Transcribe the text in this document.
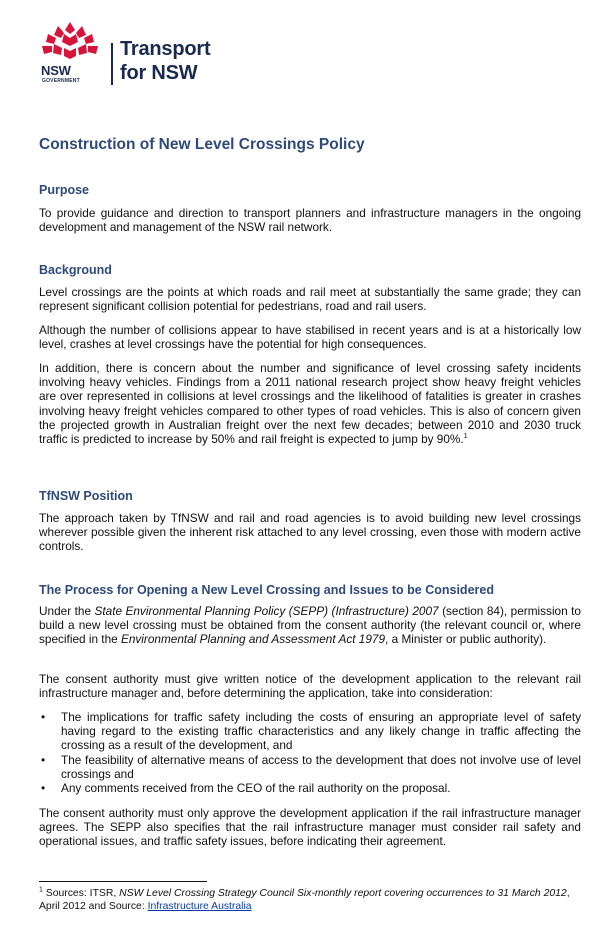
NSW
GOVERNMENT
Transport
for NSW
Construction of New Level Crossings Policy
Purpose
To provide guidance and direction to transport planners and infrastructure managers in the ongoing development and management of the NSW rail network.
Background
Level crossings are the points at which roads and rail meet at substantially the same grade; they can represent significant collision potential for pedestrians, road and rail users.
Although the number of collisions appear to have stabilised in recent years and is at a historically low level, crashes at level crossings have the potential for high consequences.
In addition, there is concern about the number and significance of level crossing safety incidents involving heavy vehicles. Findings from a 2011 national research project show heavy freight vehicles are over represented in collisions at level crossings and the likelihood of fatalities is greater in crashes involving heavy freight vehicles compared to other types of road vehicles. This is also of concern given the projected growth in Australian freight over the next few decades; between 2010 and 2030 truck traffic is predicted to increase by 50% and rail freight is expected to jump by 90%.$^1$
TfNSW Position
The approach taken by TfNSW and rail and road agencies is to avoid building new level crossings wherever possible given the inherent risk attached to any level crossing, even those with modern active controls.
The Process for Opening a New Level Crossing and Issues to be Considered
Under the State Environmental Planning Policy (SEPP) (Infrastructure) 2007 (section 84), permission to build a new level crossing must be obtained from the consent authority (the relevant council or, where specified in the Environmental Planning and Assessment Act 1979, a Minister or public authority).
The consent authority must give written notice of the development application to the relevant rail infrastructure manager and, before determining the application, take into consideration:
• The implications for traffic safety including the costs of ensuring an appropriate level of safety having regard to the existing traffic characteristics and any likely change in traffic affecting the crossing as a result of the development, and
• The feasibility of alternative means of access to the development that does not involve use of level crossings and
• Any comments received from the CEO of the rail authority on the proposal.
The consent authority must only approve the development application if the rail infrastructure manager agrees. The SEPP also specifies that the rail infrastructure manager must consider rail safety and operational issues, and traffic safety issues, before indicating their agreement.
$^1$ Sources: ITSR, NSW Level Crossing Strategy Council Six-monthly report covering occurrences to 31 March 2012, April 2012 and Source: Infrastructure Australia
